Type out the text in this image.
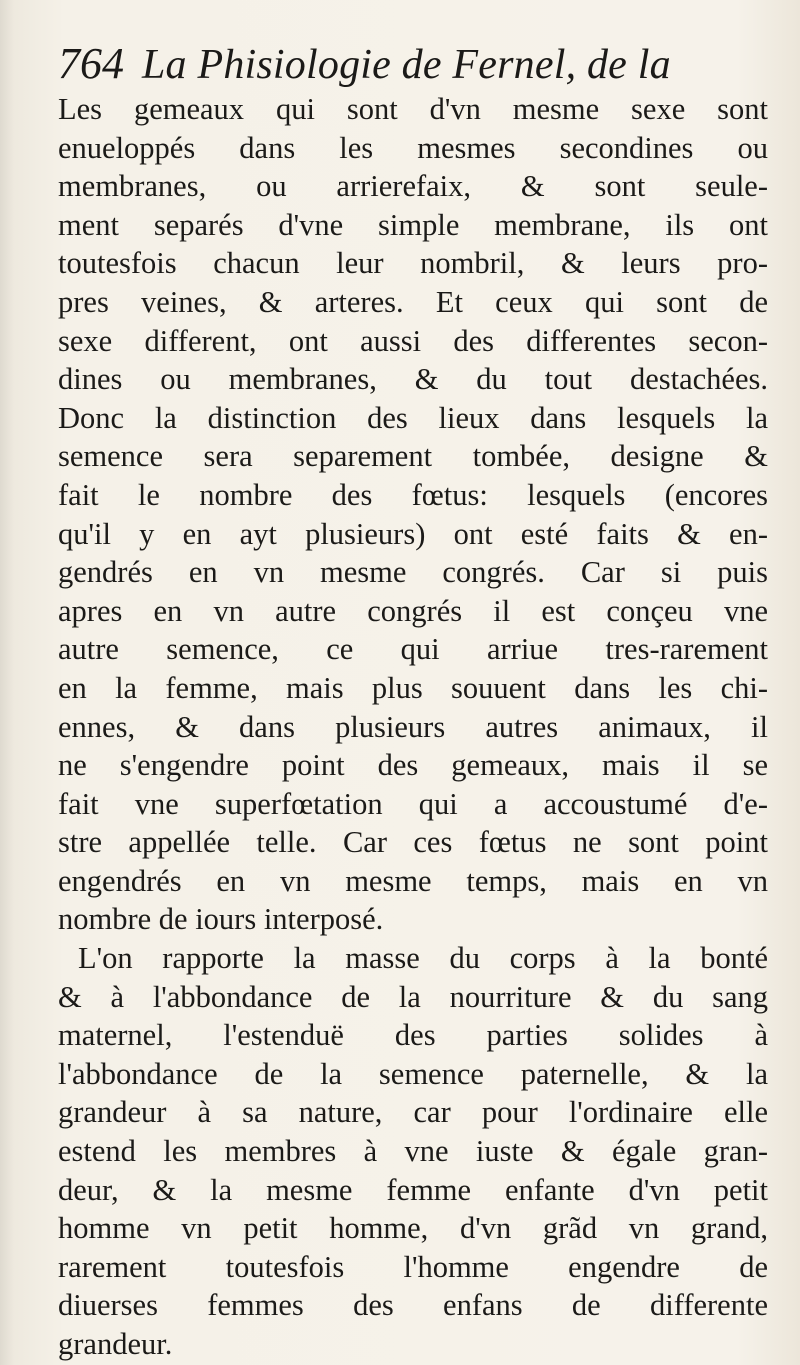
764 La Phisiologie de Fernel, de la
Les gemeaux qui sont d'vn mesme sexe sont
enueloppés dans les mesmes secondines ou
membranes, ou arrierefaix, & sont seule-
ment separés d'vne simple membrane, ils ont
toutesfois chacun leur nombril, & leurs pro-
pres veines, & arteres. Et ceux qui sont de
sexe different, ont aussi des differentes secon-
dines ou membranes, & du tout destachées.
Donc la distinction des lieux dans lesquels la
semence sera separement tombée, designe &
fait le nombre des fœtus: lesquels (encores
qu'il y en ayt plusieurs) ont esté faits & en-
gendrés en vn mesme congrés. Car si puis
apres en vn autre congrés il est conçeu vne
autre semence, ce qui arriue tres-rarement
en la femme, mais plus souuent dans les chi-
ennes, & dans plusieurs autres animaux, il
ne s'engendre point des gemeaux, mais il se
fait vne superfœtation qui a accoustumé d'e-
stre appellée telle. Car ces fœtus ne sont point
engendrés en vn mesme temps, mais en vn
nombre de iours interposé.
L'on rapporte la masse du corps à la bonté
& à l'abbondance de la nourriture & du sang
maternel, l'estenduë des parties solides à
l'abbondance de la semence paternelle, & la
grandeur à sa nature, car pour l'ordinaire elle
estend les membres à vne iuste & égale gran-
deur, & la mesme femme enfante d'vn petit
homme vn petit homme, d'vn grãd vn grand,
rarement toutesfois l'homme engendre de
diuerses femmes des enfans de differente
grandeur.
